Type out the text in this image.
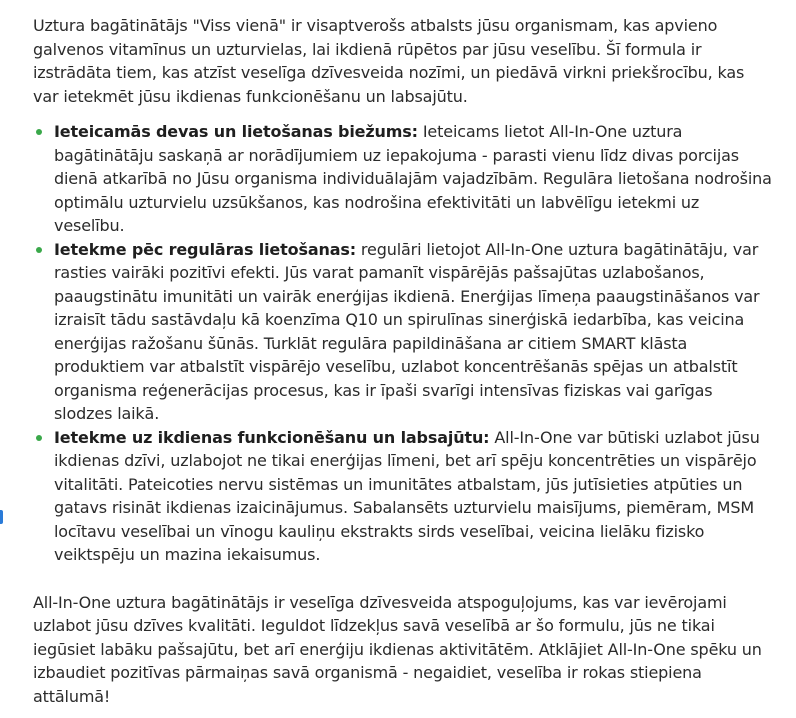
Uztura bagātinātājs "Viss vienā" ir visaptverošs atbalsts jūsu organismam, kas apvieno galvenos vitamīnus un uzturvielas, lai ikdienā rūpētos par jūsu veselību. Šī formula ir izstrādāta tiem, kas atzīst veselīga dzīvesveida nozīmi, un piedāvā virkni priekšrocību, kas var ietekmēt jūsu ikdienas funkcionēšanu un labsajūtu.

Ieteicamās devas un lietošanas biežums: Ieteicams lietot All-In-One uztura bagātinātāju saskaņā ar norādījumiem uz iepakojuma - parasti vienu līdz divas porcijas dienā atkarībā no Jūsu organisma individuālajām vajadzībām. Regulāra lietošana nodrošina optimālu uzturvielu uzsūkšanos, kas nodrošina efektivitāti un labvēlīgu ietekmi uz veselību.
Ietekme pēc regulāras lietošanas: regulāri lietojot All-In-One uztura bagātinātāju, var rasties vairāki pozitīvi efekti. Jūs varat pamanīt vispārējās pašsajūtas uzlabošanos, paaugstinātu imunitāti un vairāk enerģijas ikdienā. Enerģijas līmeņa paaugstināšanos var izraisīt tādu sastāvdaļu kā koenzīma Q10 un spirulīnas sinerģiskā iedarbība, kas veicina enerģijas ražošanu šūnās. Turklāt regulāra papildināšana ar citiem SMART klāsta produktiem var atbalstīt vispārējo veselību, uzlabot koncentrēšanās spējas un atbalstīt organisma reģenerācijas procesus, kas ir īpaši svarīgi intensīvas fiziskas vai garīgas slodzes laikā.
Ietekme uz ikdienas funkcionēšanu un labsajūtu: All-In-One var būtiski uzlabot jūsu ikdienas dzīvi, uzlabojot ne tikai enerģijas līmeni, bet arī spēju koncentrēties un vispārējo vitalitāti. Pateicoties nervu sistēmas un imunitātes atbalstam, jūs jutīsieties atpūties un gatavs risināt ikdienas izaicinājumus. Sabalansēts uzturvielu maisījums, piemēram, MSM locītavu veselībai un vīnogu kauliņu ekstrakts sirds veselībai, veicina lielāku fizisko veiktspēju un mazina iekaisumus.

All-In-One uztura bagātinātājs ir veselīga dzīvesveida atspoguļojums, kas var ievērojami uzlabot jūsu dzīves kvalitāti. Ieguldot līdzekļus savā veselībā ar šo formulu, jūs ne tikai iegūsiet labāku pašsajūtu, bet arī enerģiju ikdienas aktivitātēm. Atklājiet All-In-One spēku un izbaudiet pozitīvas pārmaiņas savā organismā - negaidiet, veselība ir rokas stiepiena attālumā!
